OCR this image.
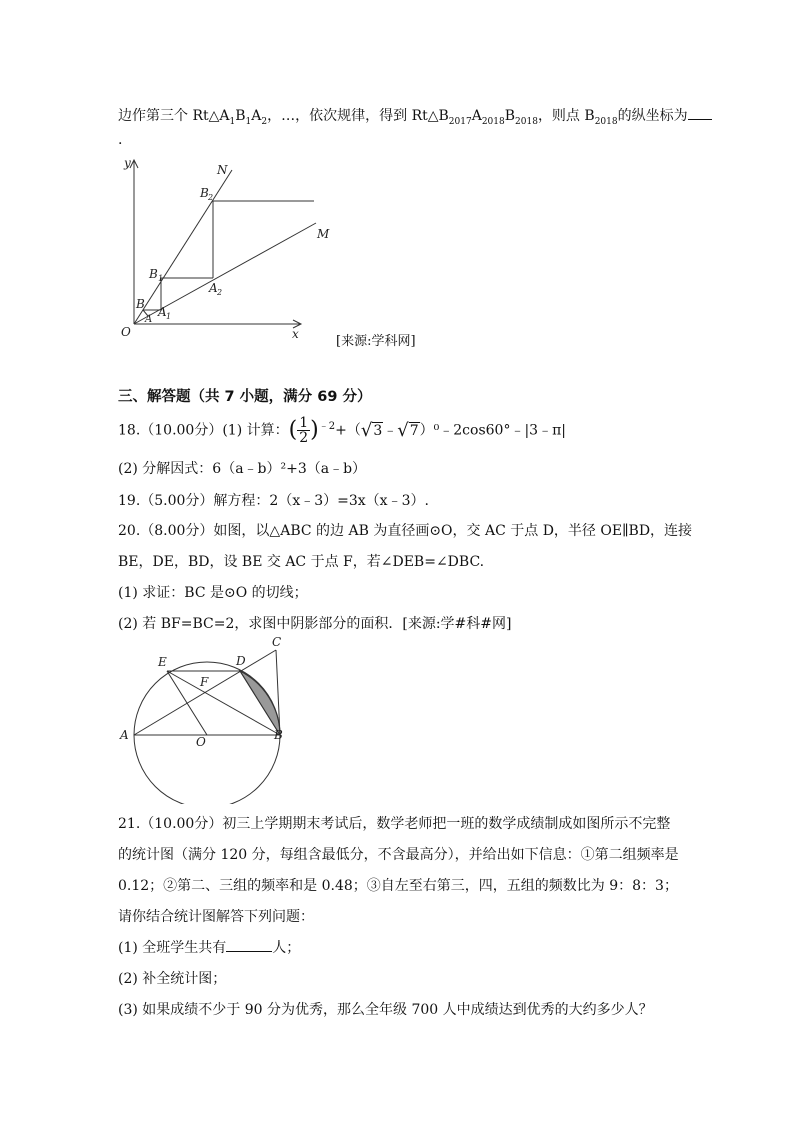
边作第三个 $Rt\triangle A_1B_1A_2$，…，依次规律，得到 $Rt\triangle B_{2017}A_{2018}B_{2018}$，则点 $B_{2018}$的纵坐标为
.
y
x
O
N
M
B
A
B 1
A 1
A 2
B 2
[来源:学科网]
三、解答题（共 7 小题，满分 69 分）
18.（10.00分）(1) 计算：( $\frac{1}{2}$ )$^{﹣2}$+（√3﹣√7）⁰﹣2cos60°﹣|3﹣π|
(2) 分解因式：6（a﹣b）²+3（a﹣b）
19.（5.00分）解方程：2（x﹣3）=3x（x﹣3）.
20.（8.00分）如图，以△ABC 的边 AB 为直径画⊙O，交 AC 于点 D，半径 OE∥BD，连接
BE，DE，BD，设 BE 交 AC 于点 F，若∠DEB=∠DBC.
(1) 求证：BC 是⊙O 的切线；
(2) 若 BF=BC=2，求图中阴影部分的面积．[来源:学#科#网]
E	D
C
F
A	O	B
21.（10.00分）初三上学期期末考试后，数学老师把一班的数学成绩制成如图所示不完整
的统计图（满分 120 分，每组含最低分，不含最高分），并给出如下信息：①第二组频率是
0.12；②第二、三组的频率和是 0.48；③自左至右第三，四，五组的频数比为 9：8：3；
请你结合统计图解答下列问题：
(1) 全班学生共有	人；
(2) 补全统计图；
(3) 如果成绩不少于 90 分为优秀，那么全年级 700 人中成绩达到优秀的大约多少人？
